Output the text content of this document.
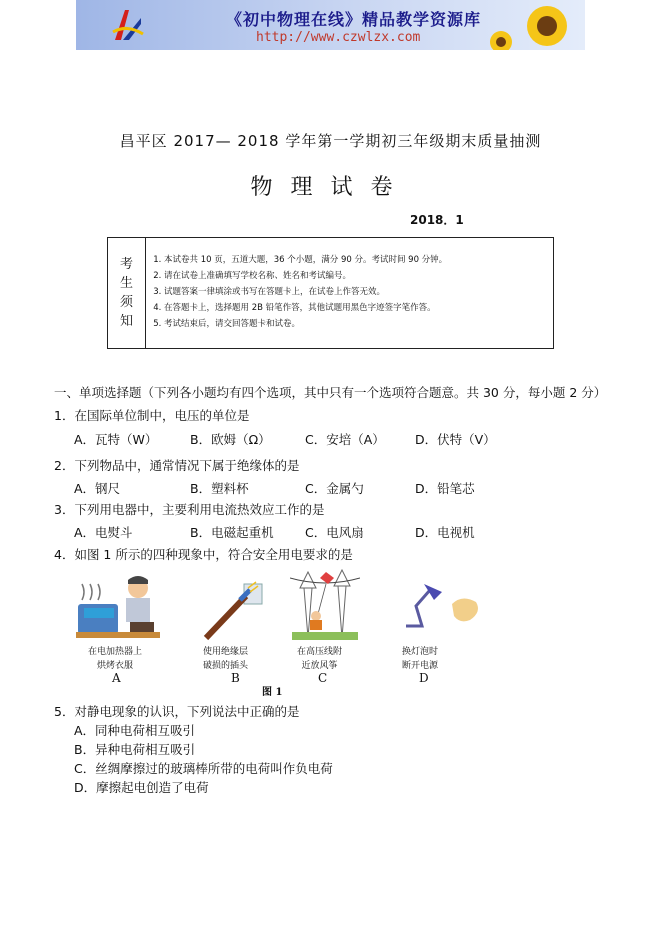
《初中物理在线》精品教学资源库
http://www.czwlzx.com
昌平区 2017— 2018 学年第一学期初三年级期末质量抽测
物理试卷
2018．1
考
生
须
知
1. 本试卷共 10 页，五道大题，36 个小题，满分 90 分。考试时间 90 分钟。
2. 请在试卷上准确填写学校名称、姓名和考试编号。
3. 试题答案一律填涂或书写在答题卡上，在试卷上作答无效。
4. 在答题卡上，选择题用 2B 铅笔作答，其他试题用黑色字迹签字笔作答。
5. 考试结束后，请交回答题卡和试卷。
一、单项选择题（下列各小题均有四个选项，其中只有一个选项符合题意。共 30 分，每小题 2 分）
1．在国际单位制中，电压的单位是
A．瓦特（W）	B．欧姆（Ω）	C．安培（A） D．伏特（V）
2．下列物品中，通常情况下属于绝缘体的是
A．钢尺	B．塑料杯	C．金属勺	D．铅笔芯
3．下列用电器中，主要利用电流热效应工作的是
A．电熨斗	B．电磁起重机	C．电风扇	D．电视机
4．如图 1 所示的四种现象中，符合安全用电要求的是
在电加热器上
烘烤衣服
A
使用绝缘层
破损的插头
B
在高压线附
近放风筝
C
换灯泡时
断开电源
D
图 1
5．对静电现象的认识，下列说法中正确的是
A．同种电荷相互吸引
B．异种电荷相互吸引
C．丝绸摩擦过的玻璃棒所带的电荷叫作负电荷
D．摩擦起电创造了电荷
